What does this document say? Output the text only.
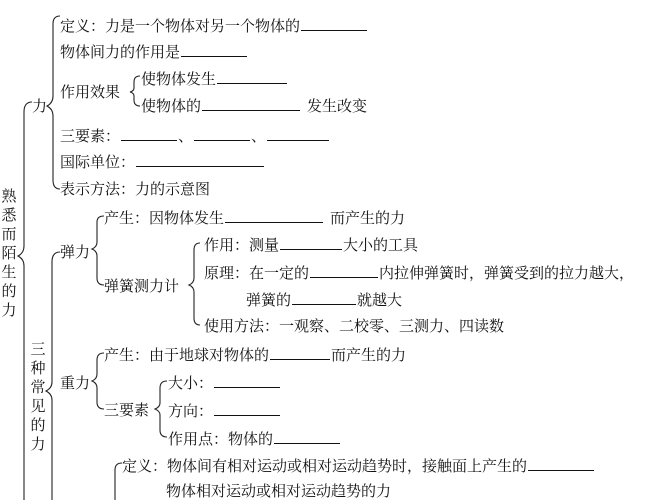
熟悉而陌生的力
力
定义：力是一个物体对另一个物体的
物体间力的作用是
作用效果
使物体发生
使物体的	发生改变
三要素：	、	、
国际单位：
表示方法：力的示意图
三种常见的力
弹力
产生：因物体发生	而产生的力
弹簧测力计
作用：测量	大小的工具
原理：在一定的	内拉伸弹簧时，弹簧受到的拉力越大，
弹簧的	就越大
使用方法：一观察、二校零、三测力、四读数
重力
产生：由于地球对物体的	而产生的力
三要素
大小：
方向：
作用点：物体的
定义：物体间有相对运动或相对运动趋势时，接触面上产生的
物体相对运动或相对运动趋势的力
